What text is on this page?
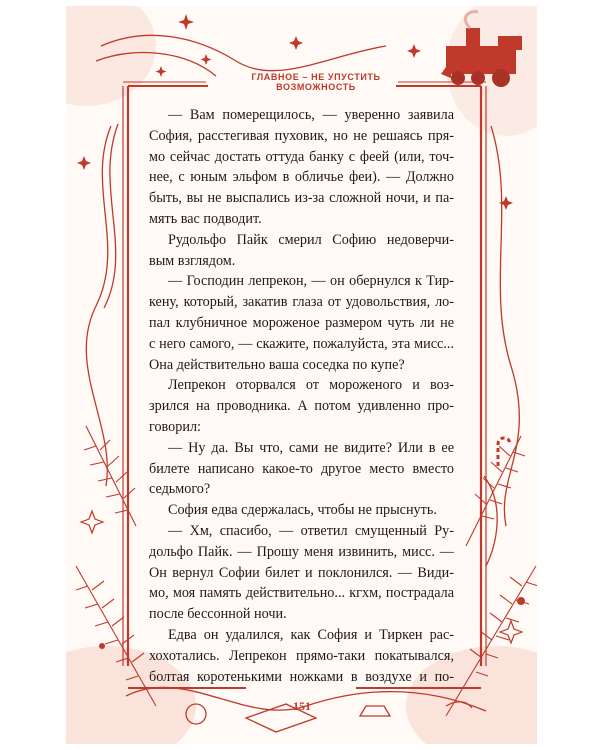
ГЛАВНОЕ – НЕ УПУСТИТЬ ВОЗМОЖНОСТЬ
— Вам померещилось, — уверенно заявила
София, расстегивая пуховик, но не решаясь пря-
мо сейчас достать оттуда банку с феей (или, точ-
нее, с юным эльфом в обличье феи). — Должно
быть, вы не выспались из-за сложной ночи, и па-
мять вас подводит.
Рудольфо Пайк смерил Софию недоверчи-
вым взглядом.
— Господин лепрекон, — он обернулся к Тир-
кену, который, закатив глаза от удовольствия, ло-
пал клубничное мороженое размером чуть ли не
с него самого, — скажите, пожалуйста, эта мисс...
Она действительно ваша соседка по купе?
Лепрекон оторвался от мороженого и воз-
зрился на проводника. А потом удивленно про-
говорил:
— Ну да. Вы что, сами не видите? Или в ее
билете написано какое-то другое место вместо
седьмого?
София едва сдержалась, чтобы не прыснуть.
— Хм, спасибо, — ответил смущенный Ру-
дольфо Пайк. — Прошу меня извинить, мисс. —
Он вернул Софии билет и поклонился. — Види-
мо, моя память действительно... кгхм, пострадала
после бессонной ночи.
Едва он удалился, как София и Тиркен рас-
хохотались. Лепрекон прямо-таки покатывался,
болтая коротенькими ножками в воздухе и по-
151
